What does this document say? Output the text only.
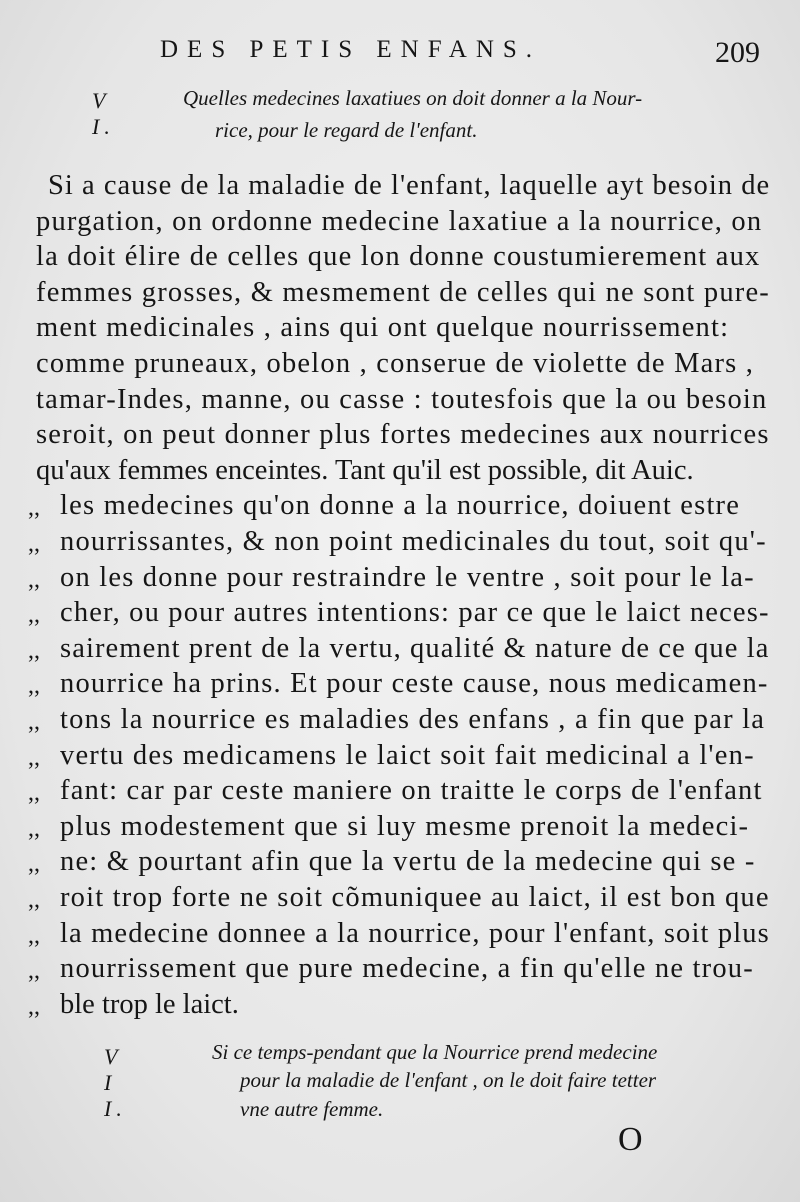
DES PETIS ENFANS.	209
V I.
Quelles medecines laxatiues on doit donner a la Nour-
rice, pour le regard de l'enfant.
Si a cause de la maladie de l'enfant, laquelle ayt besoin de
purgation, on ordonne medecine laxatiue a la nourrice, on
la doit élire de celles que lon donne coustumierement aux
femmes grosses, & mesmement de celles qui ne sont pure-
ment medicinales , ains qui ont quelque nourrissement:
comme pruneaux, obelon , conserue de violette de Mars ,
tamar-Indes, manne, ou casse : toutesfois que la ou besoin
seroit, on peut donner plus fortes medecines aux nourrices
qu'aux femmes enceintes. Tant qu'il est possible, dit Auic.
,, les medecines qu'on donne a la nourrice, doiuent estre
,, nourrissantes, & non point medicinales du tout, soit qu'-
,, on les donne pour restraindre le ventre , soit pour le la-
,, cher, ou pour autres intentions: par ce que le laict neces-
,, sairement prent de la vertu, qualité & nature de ce que la
,, nourrice ha prins. Et pour ceste cause, nous medicamen-
,, tons la nourrice es maladies des enfans , a fin que par la
,, vertu des medicamens le laict soit fait medicinal a l'en-
,, fant: car par ceste maniere on traitte le corps de l'enfant
,, plus modestement que si luy mesme prenoit la medeci-
,, ne: & pourtant afin que la vertu de la medecine qui se -
,, roit trop forte ne soit cõmuniquee au laict, il est bon que
,, la medecine donnee a la nourrice, pour l'enfant, soit plus
,, nourrissement que pure medecine, a fin qu'elle ne trou-
,, ble trop le laict.
V I I.
Si ce temps-pendant que la Nourrice prend medecine
pour la maladie de l'enfant , on le doit faire tetter
vne autre femme.
O
